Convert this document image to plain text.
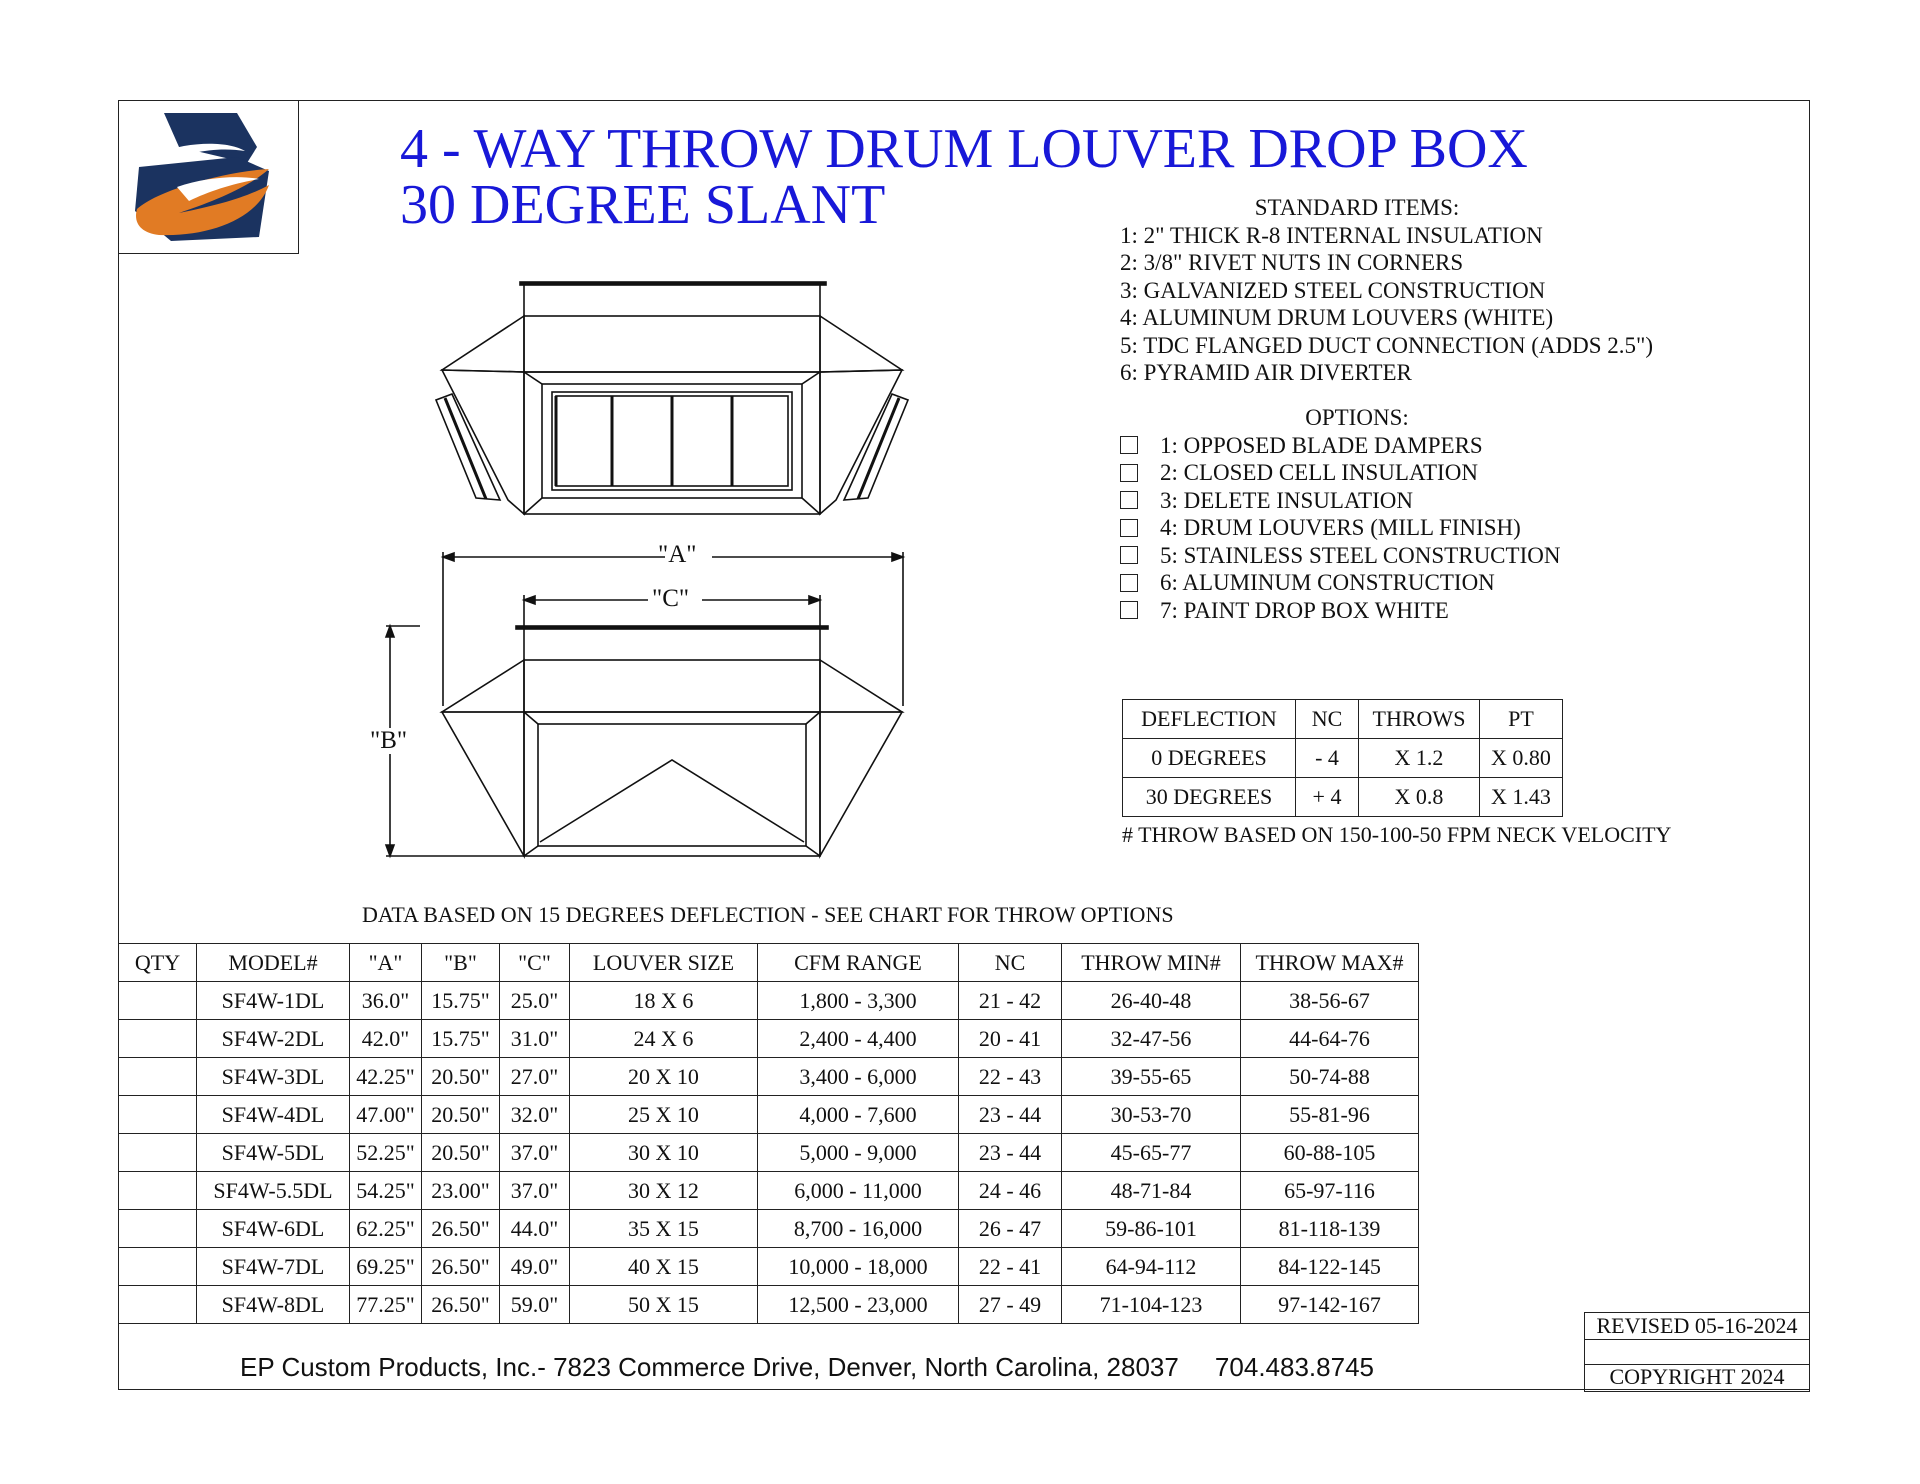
4 - WAY THROW DRUM LOUVER DROP BOX
30 DEGREE SLANT	STANDARD ITEMS:
1: 2" THICK R-8 INTERNAL INSULATION
2: 3/8" RIVET NUTS IN CORNERS
3: GALVANIZED STEEL CONSTRUCTION
4: ALUMINUM DRUM LOUVERS (WHITE)
5: TDC FLANGED DUCT CONNECTION (ADDS 2.5")
6: PYRAMID AIR DIVERTER
OPTIONS:
1: OPPOSED BLADE DAMPERS
2: CLOSED CELL INSULATION
3: DELETE INSULATION
4: DRUM LOUVERS (MILL FINISH)
5: STAINLESS STEEL CONSTRUCTION
6: ALUMINUM CONSTRUCTION
7: PAINT DROP BOX WHITE
"A"
"C"
"B"
DEFLECTION	NC	THROWS	PT
0 DEGREES	- 4	X 1.2	X 0.80
30 DEGREES	+ 4	X 0.8	X 1.43
# THROW BASED ON 150-100-50 FPM NECK VELOCITY
DATA BASED ON 15 DEGREES DEFLECTION - SEE CHART FOR THROW OPTIONS
QTY	MODEL#	"A"	"B"	"C"	LOUVER SIZE	CFM RANGE	NC	THROW MIN#	THROW MAX#
	SF4W-1DL	36.0"	15.75"	25.0"	18 X 6	1,800 - 3,300	21 - 42	26-40-48	38-56-67
	SF4W-2DL	42.0"	15.75"	31.0"	24 X 6	2,400 - 4,400	20 - 41	32-47-56	44-64-76
	SF4W-3DL	42.25"	20.50"	27.0"	20 X 10	3,400 - 6,000	22 - 43	39-55-65	50-74-88
	SF4W-4DL	47.00"	20.50"	32.0"	25 X 10	4,000 - 7,600	23 - 44	30-53-70	55-81-96
	SF4W-5DL	52.25"	20.50"	37.0"	30 X 10	5,000 - 9,000	23 - 44	45-65-77	60-88-105
	SF4W-5.5DL	54.25"	23.00"	37.0"	30 X 12	6,000 - 11,000	24 - 46	48-71-84	65-97-116
	SF4W-6DL	62.25"	26.50"	44.0"	35 X 15	8,700 - 16,000	26 - 47	59-86-101	81-118-139
	SF4W-7DL	69.25"	26.50"	49.0"	40 X 15	10,000 - 18,000	22 - 41	64-94-112	84-122-145
	SF4W-8DL	77.25"	26.50"	59.0"	50 X 15	12,500 - 23,000	27 - 49	71-104-123	97-142-167
EP Custom Products, Inc.- 7823 Commerce Drive, Denver, North Carolina, 28037     704.483.8745
REVISED 05-16-2024
COPYRIGHT 2024
